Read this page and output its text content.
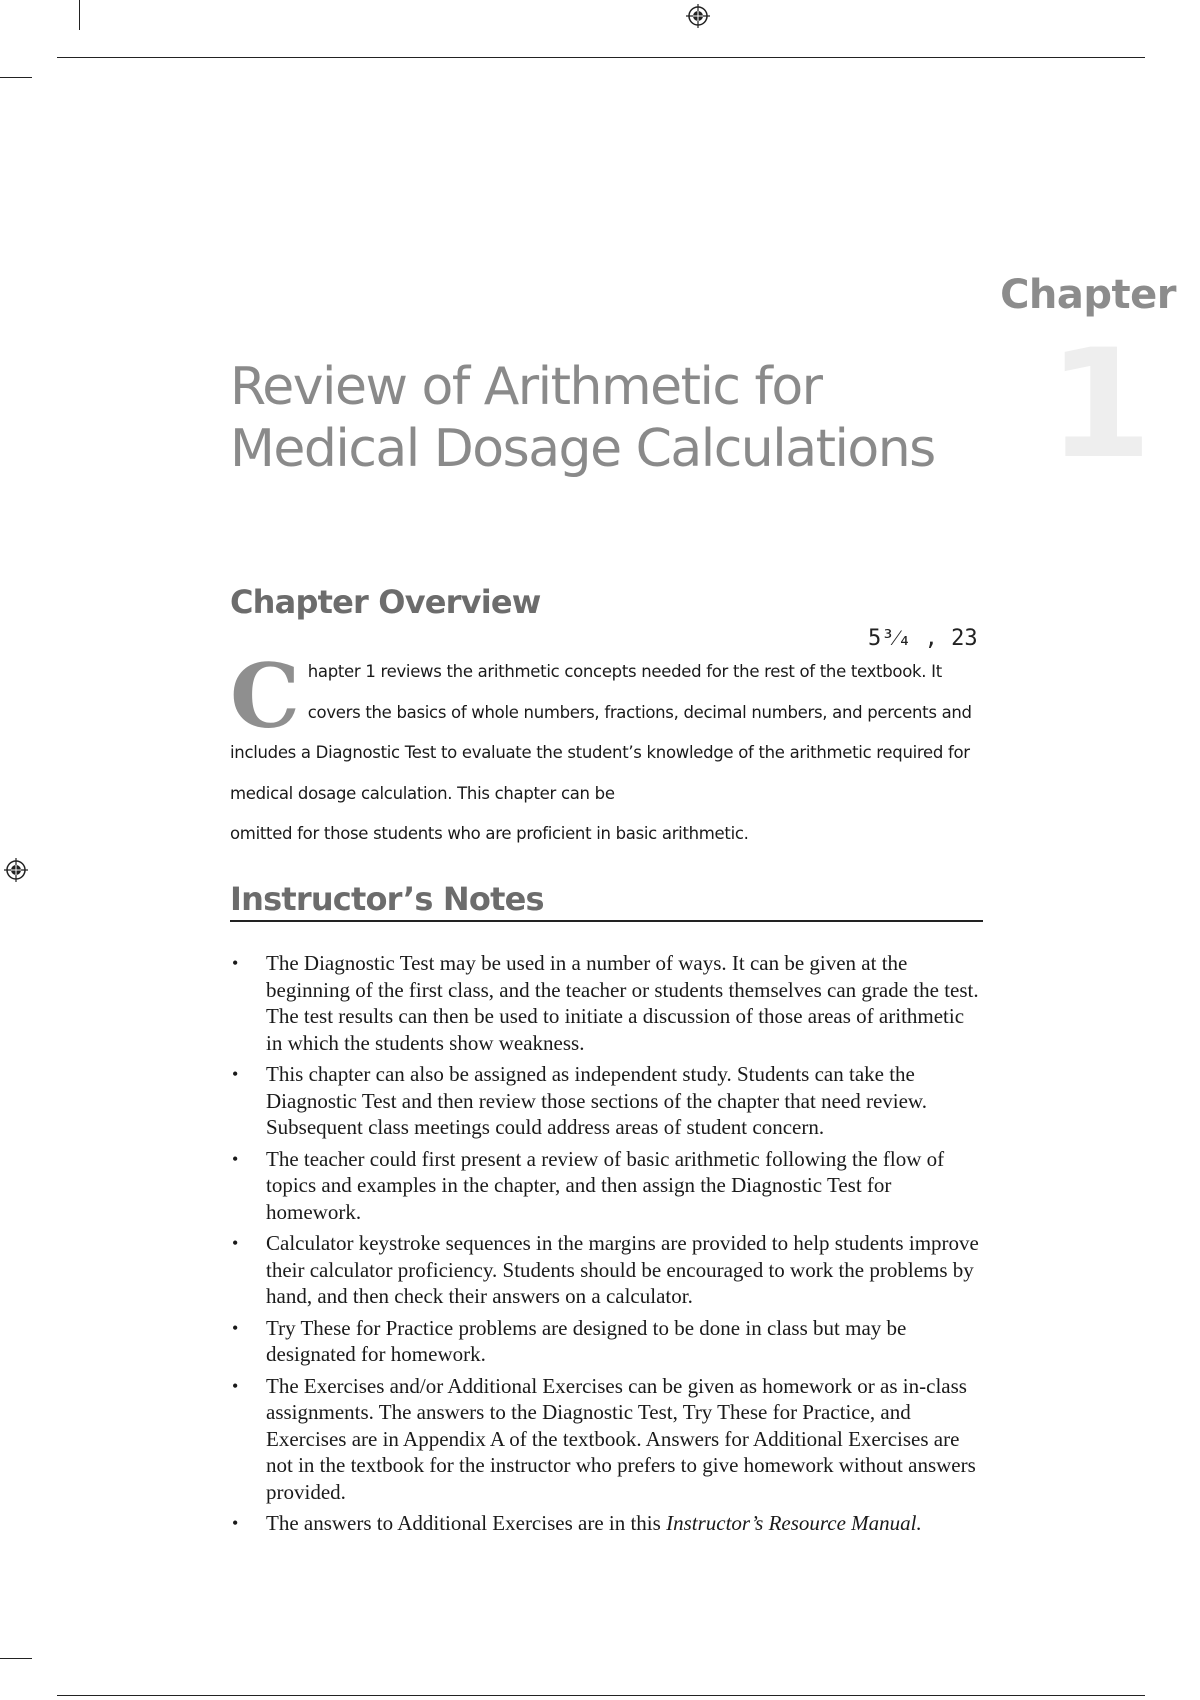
Chapter
1
Review of Arithmetic for Medical Dosage Calculations
Chapter Overview
5³⁄₄ , 23

C hapter 1 reviews the arithmetic concepts needed for the rest of the textbook. It covers the basics of whole numbers, fractions, decimal numbers, and percents and includes a Diagnostic Test to evaluate the student’s knowledge of the arithmetic required for medical dosage calculation. This chapter can be
omitted for those students who are proficient in basic arithmetic.

Instructor’s Notes
• The Diagnostic Test may be used in a number of ways. It can be given at the beginning of the first class, and the teacher or students themselves can grade the test. The test results can then be used to initiate a discussion of those areas of arithmetic in which the students show weakness.
• This chapter can also be assigned as independent study. Students can take the Diagnostic Test and then review those sections of the chapter that need review. Subsequent class meetings could address areas of student concern.
• The teacher could first present a review of basic arithmetic following the flow of topics and examples in the chapter, and then assign the Diagnostic Test for homework.
• Calculator keystroke sequences in the margins are provided to help students improve their calculator proficiency. Students should be encouraged to work the problems by hand, and then check their answers on a calculator.
• Try These for Practice problems are designed to be done in class but may be designated for homework.
• The Exercises and/or Additional Exercises can be given as homework or as in-class assignments. The answers to the Diagnostic Test, Try These for Practice, and Exercises are in Appendix A of the textbook. Answers for Additional Exercises are not in the textbook for the instructor who prefers to give homework without answers provided.
• The answers to Additional Exercises are in this Instructor’s Resource Manual.
